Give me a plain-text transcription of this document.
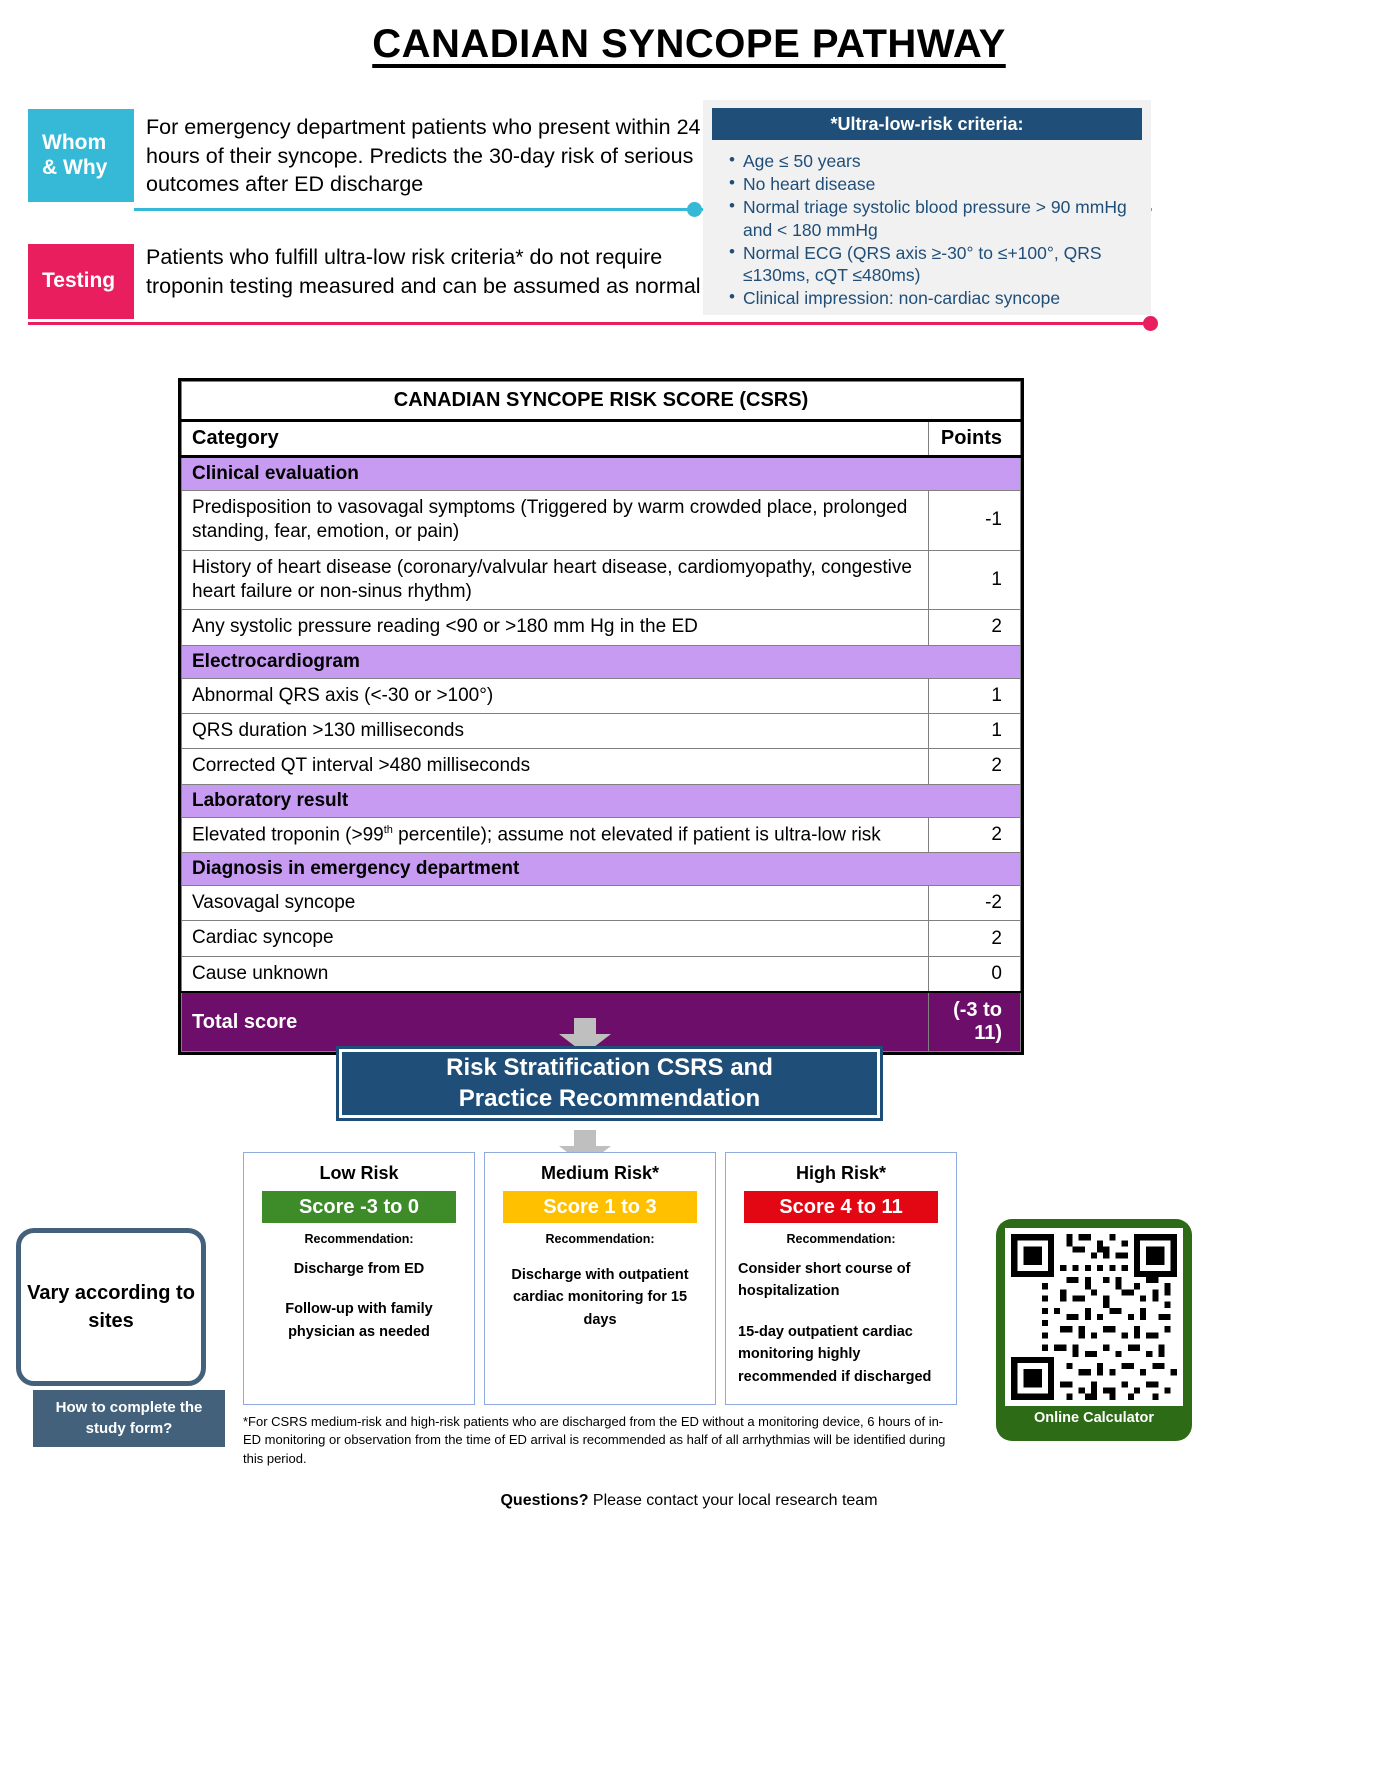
CANADIAN SYNCOPE PATHWAY
Whom
& Why
For emergency department patients who present within 24 hours of their syncope. Predicts the 30-day risk of serious outcomes after ED discharge
Testing
Patients who fulfill ultra-low risk criteria* do not require troponin testing measured and can be assumed as normal
*Ultra-low-risk criteria:
• Age ≤ 50 years
• No heart disease
• Normal triage systolic blood pressure > 90 mmHg and < 180 mmHg
• Normal ECG (QRS axis ≥-30° to ≤+100°, QRS ≤130ms, cQT ≤480ms)
• Clinical impression: non-cardiac syncope
CANADIAN SYNCOPE RISK SCORE (CSRS)	
Category	Points
Clinical evaluation	
Predisposition to vasovagal symptoms (Triggered by warm crowded place, prolonged standing, fear, emotion, or pain)	-1
History of heart disease (coronary/valvular heart disease, cardiomyopathy, congestive heart failure or non-sinus rhythm)	1
Any systolic pressure reading <90 or >180 mm Hg in the ED	2
Electrocardiogram	
Abnormal QRS axis (<-30 or >100°)	1
QRS duration >130 milliseconds	1
Corrected QT interval >480 milliseconds	2
Laboratory result	
Elevated troponin (>99th percentile); assume not elevated if patient is ultra-low risk	2
Diagnosis in emergency department	
Vasovagal syncope	-2
Cardiac syncope	2
Cause unknown	0
Total score	(-3 to 11)
Risk Stratification CSRS and
Practice Recommendation
Low Risk
Score -3 to 0
Recommendation:

Discharge from ED

Follow-up with family physician as needed

Medium Risk*
Score 1 to 3
Recommendation:

Discharge with outpatient cardiac monitoring for 15 days

High Risk*
Score 4 to 11
Recommendation:

Consider short course of hospitalization

15-day outpatient cardiac monitoring highly recommended if discharged

Vary according to sites
How to complete the
study form?
Online Calculator
*For CSRS medium-risk and high-risk patients who are discharged from the ED without a monitoring device, 6 hours of in-ED monitoring or observation from the time of ED arrival is recommended as half of all arrhythmias will be identified during this period.
Questions? Please contact your local research team
